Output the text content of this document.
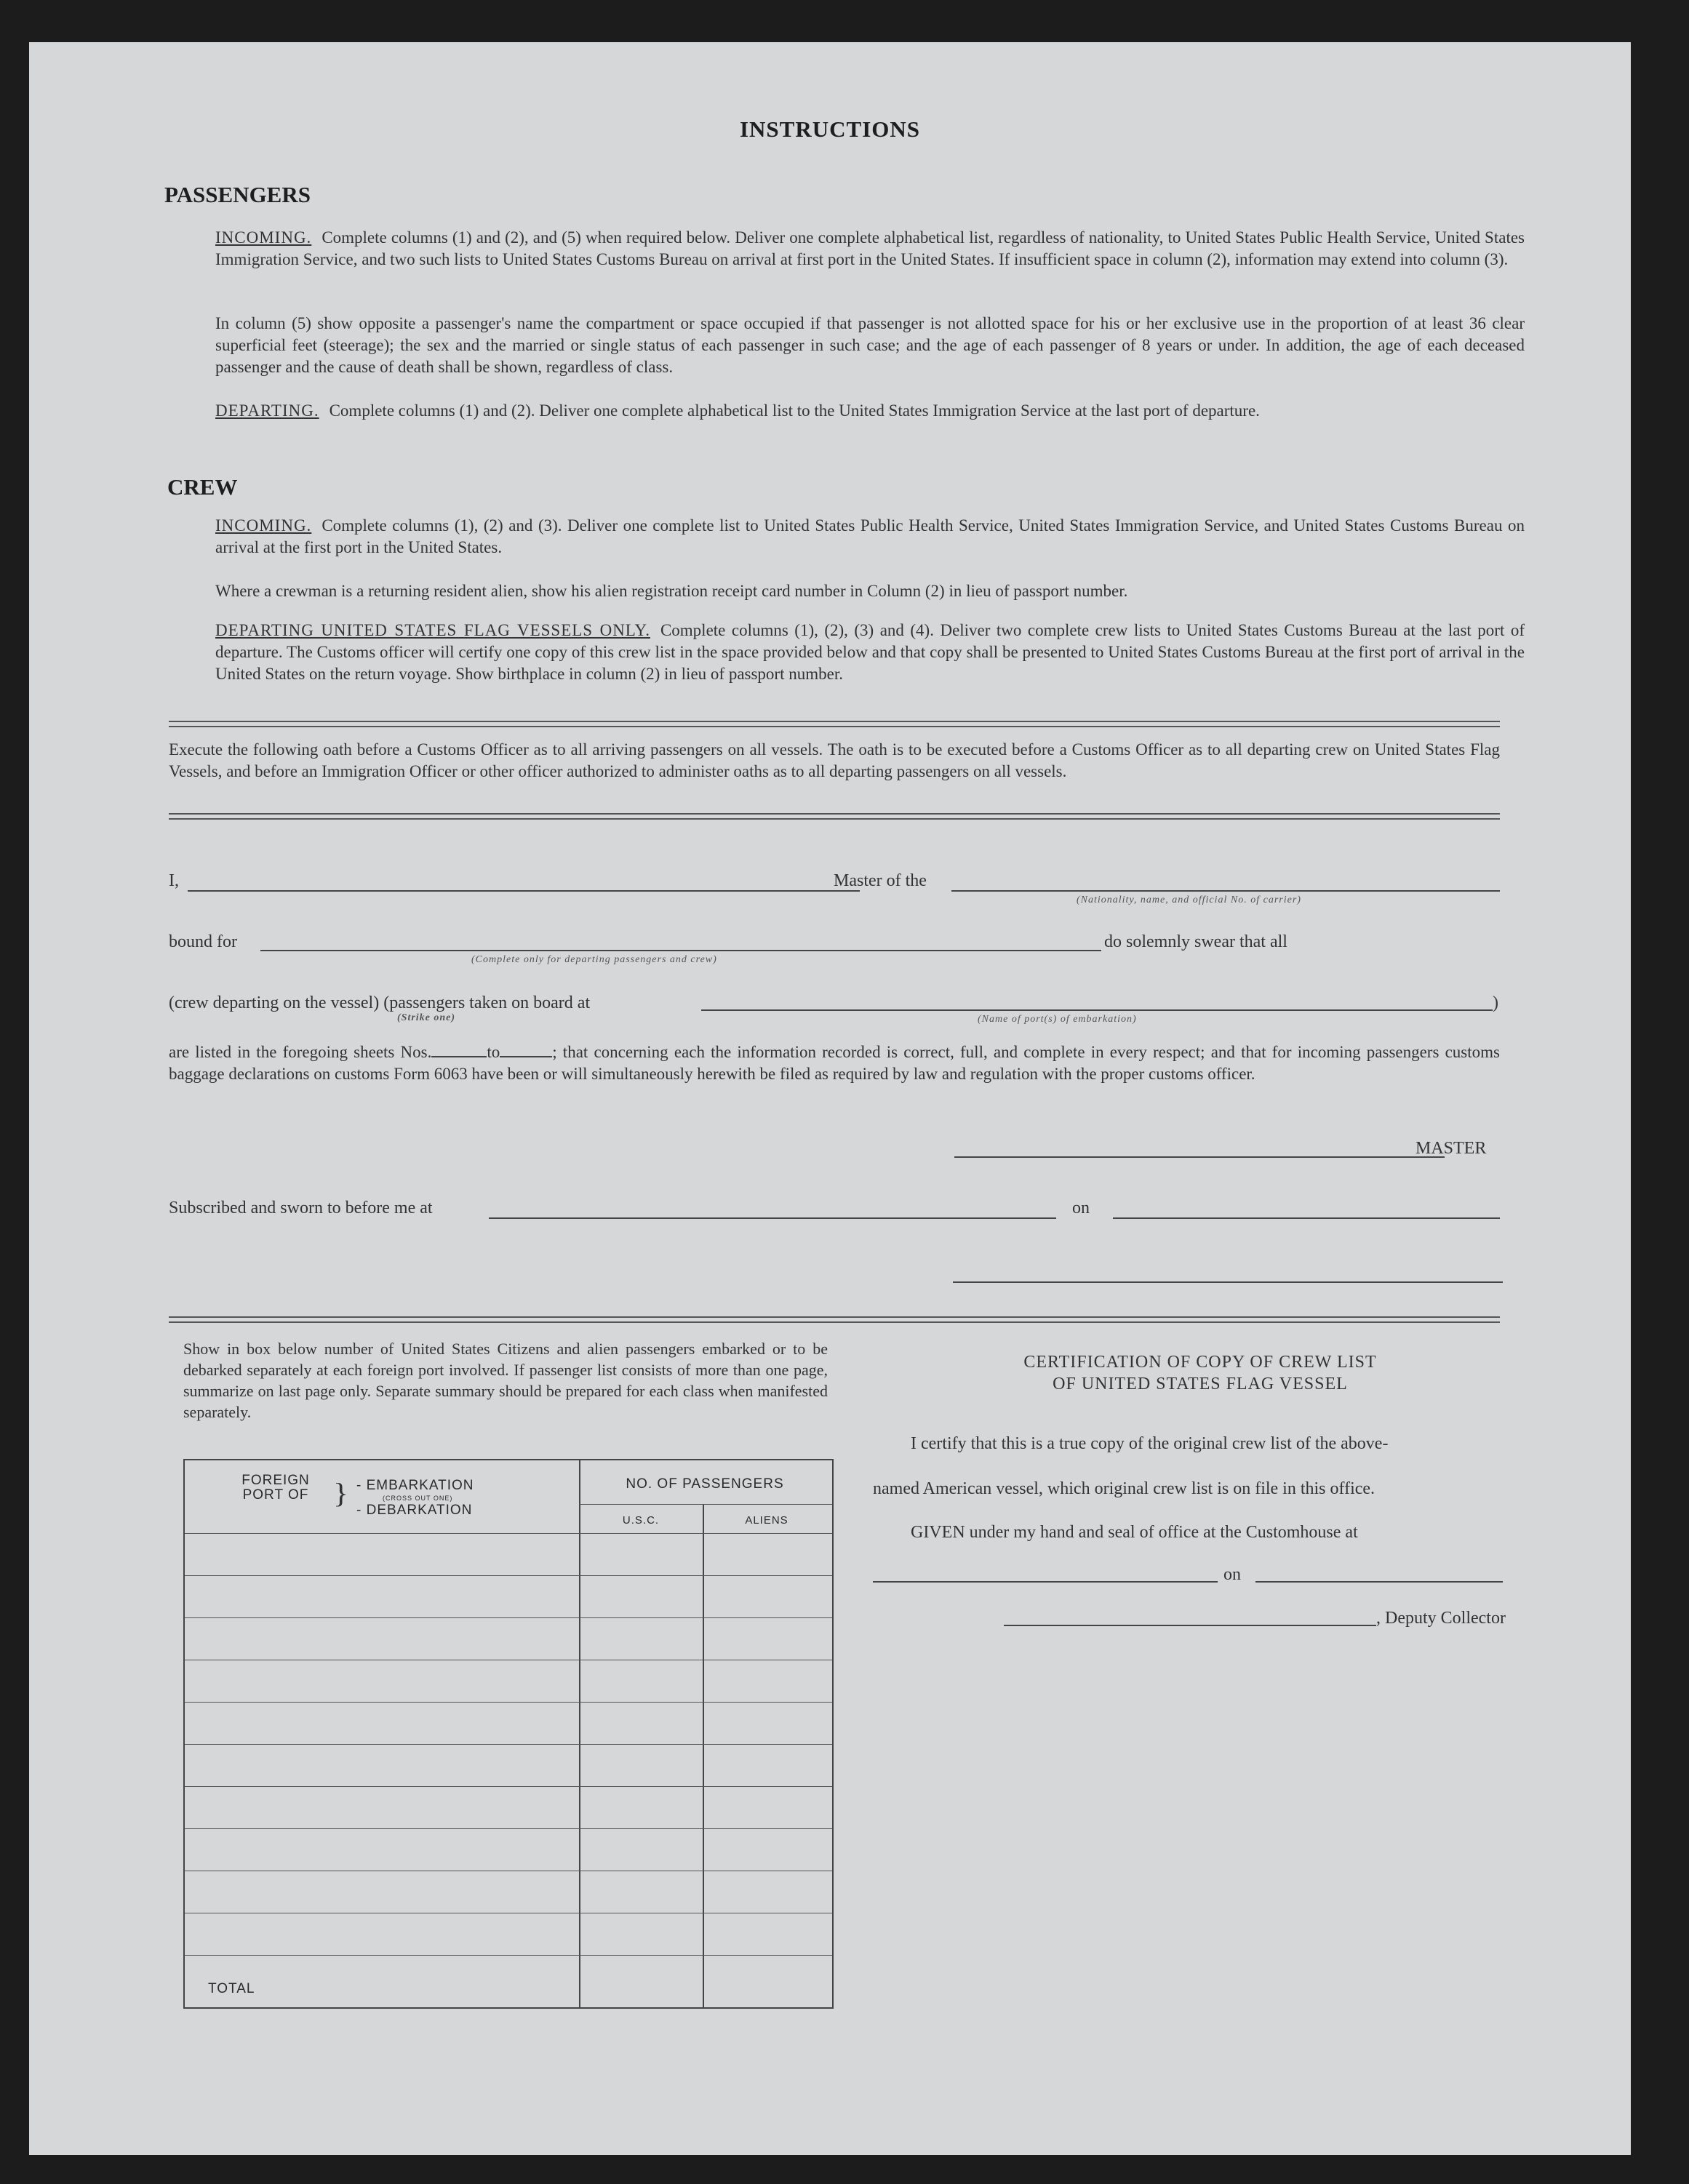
INSTRUCTIONS
PASSENGERS
INCOMING. Complete columns (1) and (2), and (5) when required below. Deliver one complete alphabetical list, regardless of nationality, to United States Public Health Service, United States Immigration Service, and two such lists to United States Customs Bureau on arrival at first port in the United States. If insufficient space in column (2), information may extend into column (3).
In column (5) show opposite a passenger's name the compartment or space occupied if that passenger is not allotted space for his or her exclusive use in the proportion of at least 36 clear superficial feet (steerage); the sex and the married or single status of each passenger in such case; and the age of each passenger of 8 years or under. In addition, the age of each deceased passenger and the cause of death shall be shown, regardless of class.
DEPARTING. Complete columns (1) and (2). Deliver one complete alphabetical list to the United States Immigration Service at the last port of departure.
CREW
INCOMING. Complete columns (1), (2) and (3). Deliver one complete list to United States Public Health Service, United States Immigration Service, and United States Customs Bureau on arrival at the first port in the United States.
Where a crewman is a returning resident alien, show his alien registration receipt card number in Column (2) in lieu of passport number.
DEPARTING UNITED STATES FLAG VESSELS ONLY. Complete columns (1), (2), (3) and (4). Deliver two complete crew lists to United States Customs Bureau at the last port of departure. The Customs officer will certify one copy of this crew list in the space provided below and that copy shall be presented to United States Customs Bureau at the first port of arrival in the United States on the return voyage. Show birthplace in column (2) in lieu of passport number.
Execute the following oath before a Customs Officer as to all arriving passengers on all vessels. The oath is to be executed before a Customs Officer as to all departing crew on United States Flag Vessels, and before an Immigration Officer or other officer authorized to administer oaths as to all departing passengers on all vessels.
I,	Master of the
(Nationality, name, and official No. of carrier)
bound for
(Complete only for departing passengers and crew)
do solemnly swear that all
(crew departing on the vessel) (passengers taken on board at
(Strike one)	(Name of port(s) of embarkation)
)
are listed in the foregoing sheets Nos.	to	; that concerning each the information recorded is correct, full, and complete in every respect; and that for incoming passengers customs baggage declarations on customs Form 6063 have been or will simultaneously herewith be filed as required by law and regulation with the proper customs officer.
MASTER
Subscribed and sworn to before me at	on
Show in box below number of United States Citizens and alien passengers embarked or to be debarked separately at each foreign port involved. If passenger list consists of more than one page, summarize on last page only. Separate summary should be prepared for each class when manifested separately.
FOREIGN PORT OF } - EMBARKATION
(CROSS OUT ONE)
- DEBARKATION
NO. OF PASSENGERS
U.S.C.	ALIENS
TOTAL
CERTIFICATION OF COPY OF CREW LIST
OF UNITED STATES FLAG VESSEL
I certify that this is a true copy of the original crew list of the above-
named American vessel, which original crew list is on file in this office.
GIVEN under my hand and seal of office at the Customhouse at
on
, Deputy Collector
